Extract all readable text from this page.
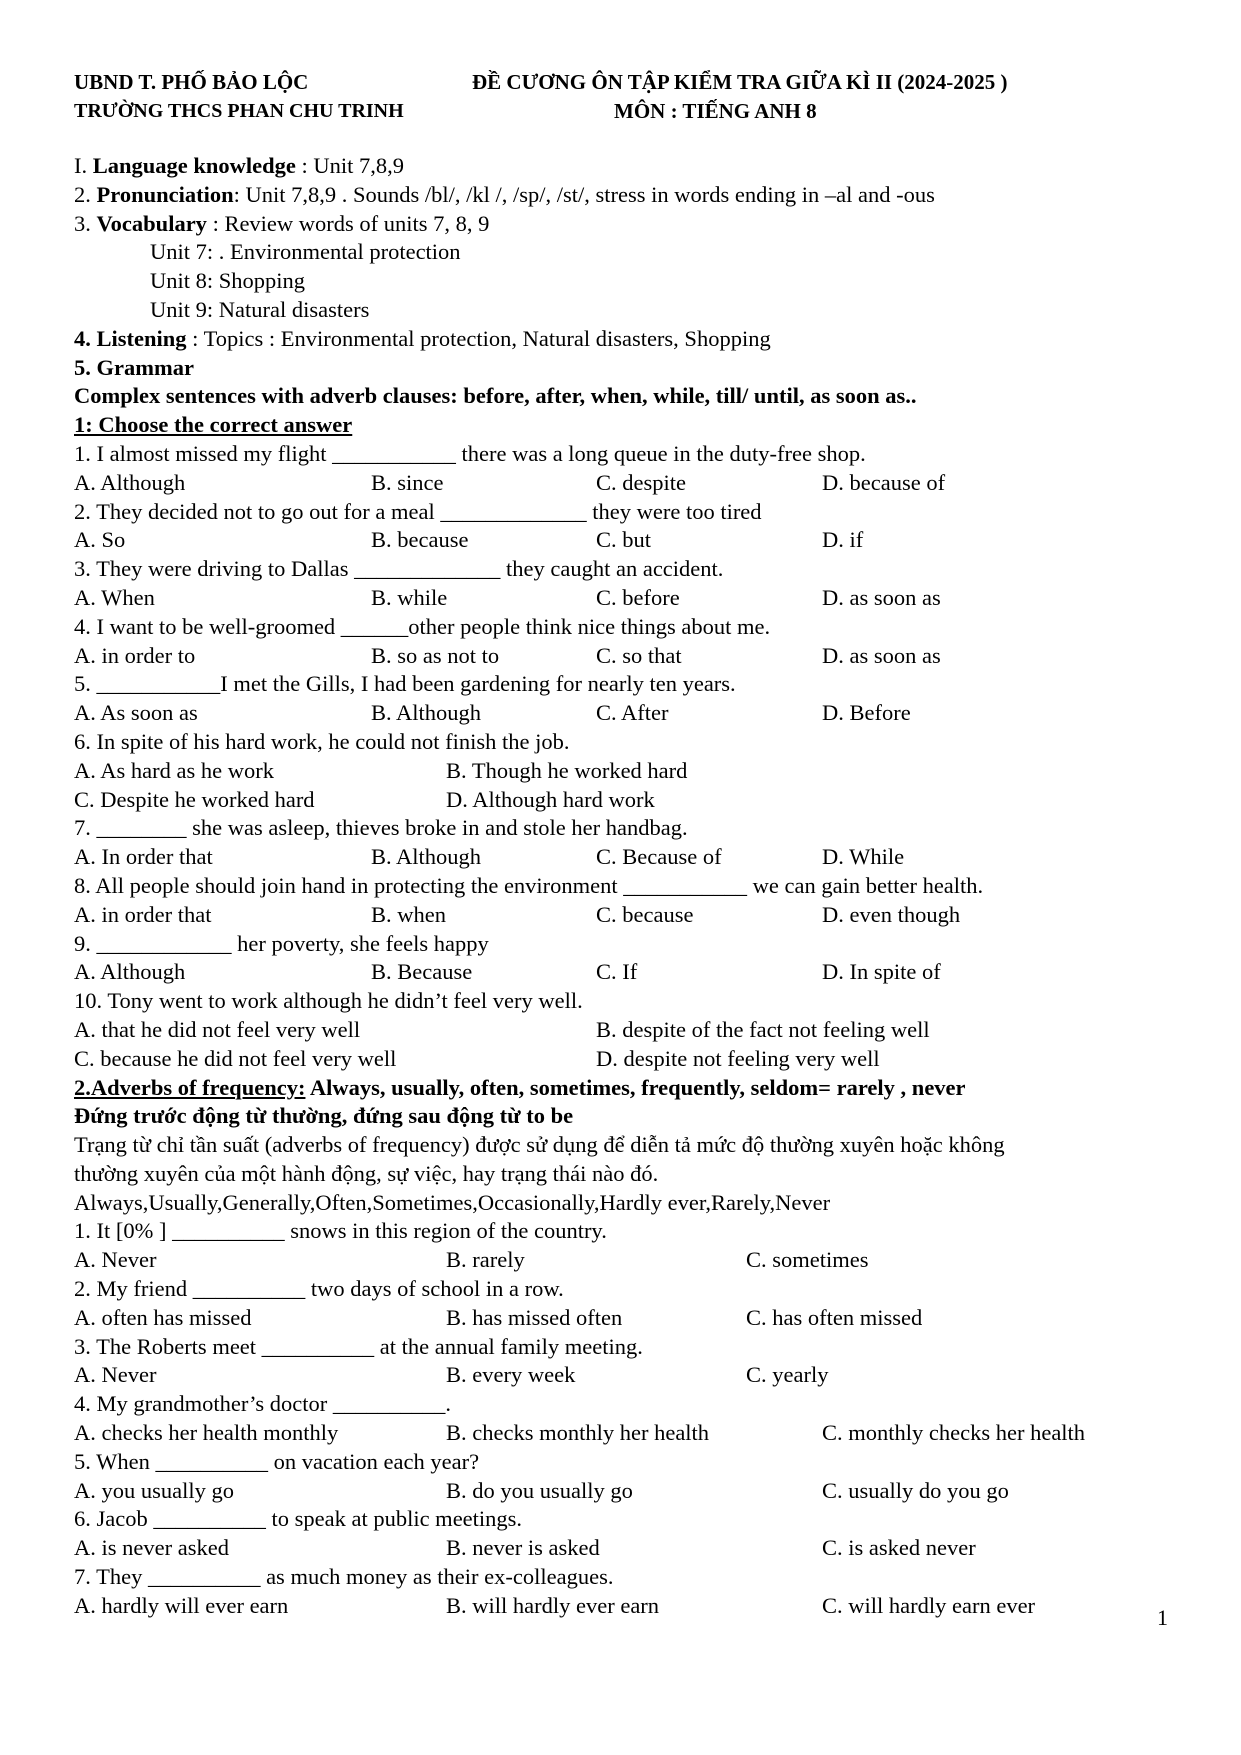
UBND T. PHỐ BẢO LỘC
TRƯỜNG THCS PHAN CHU TRINH
ĐỀ CƯƠNG ÔN TẬP KIỂM TRA GIỮA KÌ II (2024-2025 )
MÔN : TIẾNG ANH 8
I. Language knowledge : Unit 7,8,9
2. Pronunciation: Unit 7,8,9 . Sounds /bl/, /kl /, /sp/, /st/, stress in words ending in –al and -ous
3. Vocabulary : Review words of units 7, 8, 9
Unit 7: . Environmental protection
Unit 8: Shopping
Unit 9: Natural disasters
4. Listening : Topics : Environmental protection, Natural disasters, Shopping
5. Grammar
Complex sentences with adverb clauses: before, after, when, while, till/ until, as soon as..
1: Choose the correct answer
1. I almost missed my flight ___________ there was a long queue in the duty-free shop.
A. Although	B. since	C. despite	D. because of
2. They decided not to go out for a meal _____________ they were too tired
A. So	B. because	C. but	D. if
3. They were driving to Dallas _____________ they caught an accident.
A. When	B. while	C. before	D. as soon as
4. I want to be well-groomed ______other people think nice things about me.
A. in order to	B. so as not to	C. so that	D. as soon as
5. ___________I met the Gills, I had been gardening for nearly ten years.
A. As soon as	B. Although	C. After	D. Before
6. In spite of his hard work, he could not finish the job.
A. As hard as he work	B. Though he worked hard
C. Despite he worked hard	D. Although hard work
7. ________ she was asleep, thieves broke in and stole her handbag.
A. In order that	B. Although	C. Because of	D. While
8. All people should join hand in protecting the environment ___________ we can gain better health.
A. in order that	B. when	C. because	D. even though
9. ____________ her poverty, she feels happy
A. Although	B. Because	C. If	D. In spite of
10. Tony went to work although he didn’t feel very well.
A. that he did not feel very well	B. despite of the fact not feeling well
C. because he did not feel very well	D. despite not feeling very well
2.Adverbs of frequency: Always, usually, often, sometimes, frequently, seldom= rarely , never
Đứng trước động từ thường, đứng sau động từ to be
Trạng từ chỉ tần suất (adverbs of frequency) được sử dụng để diễn tả mức độ thường xuyên hoặc không
thường xuyên của một hành động, sự việc, hay trạng thái nào đó.
Always,Usually,Generally,Often,Sometimes,Occasionally,Hardly ever,Rarely,Never
1. It [0% ] __________ snows in this region of the country.
A. Never	B. rarely	C. sometimes
2. My friend __________ two days of school in a row.
A. often has missed	B. has missed often	C. has often missed
3. The Roberts meet __________ at the annual family meeting.
A. Never	B. every week	C. yearly
4. My grandmother’s doctor __________.
A. checks her health monthly	B. checks monthly her health	C. monthly checks her health
5. When __________ on vacation each year?
A. you usually go	B. do you usually go	C. usually do you go
6. Jacob __________ to speak at public meetings.
A. is never asked	B. never is asked	C. is asked never
7. They __________ as much money as their ex-colleagues.
A. hardly will ever earn	B. will hardly ever earn	C. will hardly earn ever	1
